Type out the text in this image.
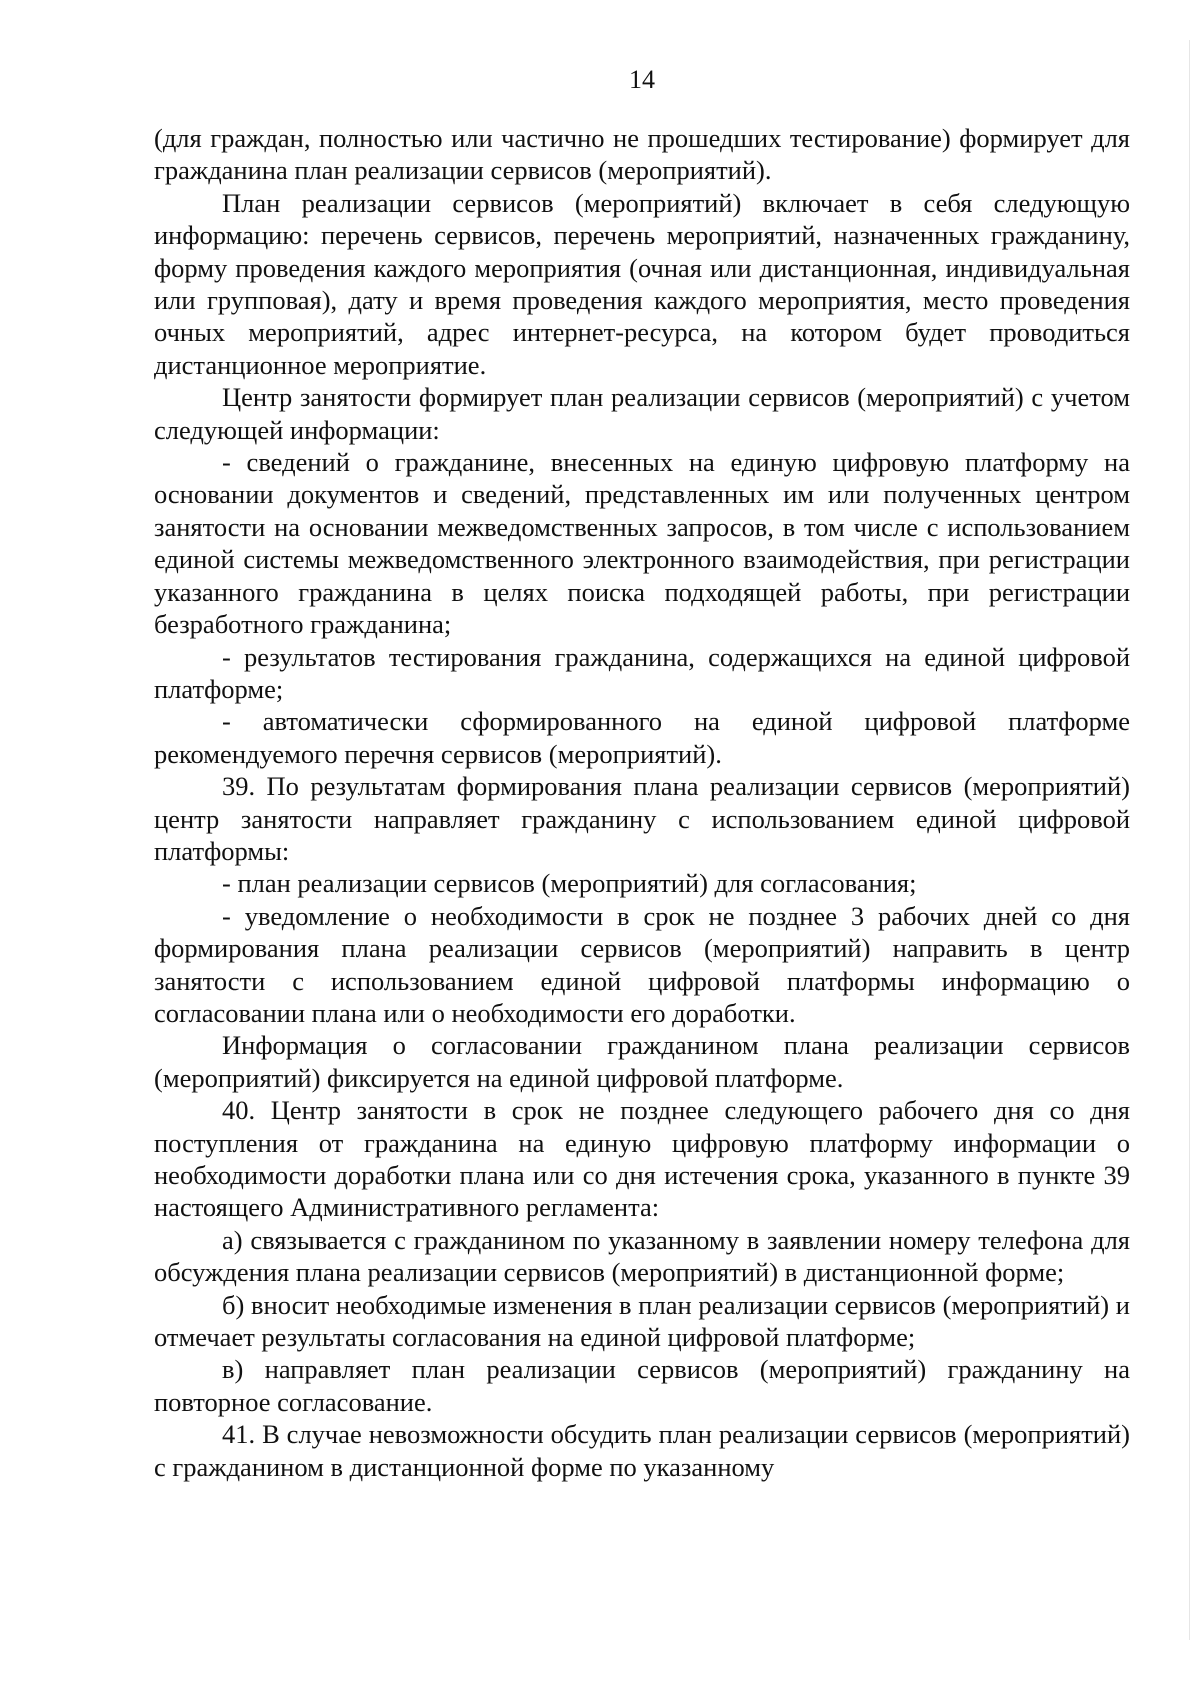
14

(для граждан, полностью или частично не прошедших тестирование) формирует для гражданина план реализации сервисов (мероприятий).

План реализации сервисов (мероприятий) включает в себя следующую информацию: перечень сервисов, перечень мероприятий, назначенных гражданину, форму проведения каждого мероприятия (очная или дистанционная, индивидуальная или групповая), дату и время проведения каждого мероприятия, место проведения очных мероприятий, адрес интернет-ресурса, на котором будет проводиться дистанционное мероприятие.

Центр занятости формирует план реализации сервисов (мероприятий) с учетом следующей информации:

- сведений о гражданине, внесенных на единую цифровую платформу на основании документов и сведений, представленных им или полученных центром занятости на основании межведомственных запросов, в том числе с использованием единой системы межведомственного электронного взаимодействия, при регистрации указанного гражданина в целях поиска подходящей работы, при регистрации безработного гражданина;

- результатов тестирования гражданина, содержащихся на единой цифровой платформе;

- автоматически сформированного на единой цифровой платформе рекомендуемого перечня сервисов (мероприятий).

39. По результатам формирования плана реализации сервисов (мероприятий) центр занятости направляет гражданину с использованием единой цифровой платформы:

- план реализации сервисов (мероприятий) для согласования;

- уведомление о необходимости в срок не позднее 3 рабочих дней со дня формирования плана реализации сервисов (мероприятий) направить в центр занятости с использованием единой цифровой платформы информацию о согласовании плана или о необходимости его доработки.

Информация о согласовании гражданином плана реализации сервисов (мероприятий) фиксируется на единой цифровой платформе.

40. Центр занятости в срок не позднее следующего рабочего дня со дня поступления от гражданина на единую цифровую платформу информации о необходимости доработки плана или со дня истечения срока, указанного в пункте 39 настоящего Административного регламента:

а) связывается с гражданином по указанному в заявлении номеру телефона для обсуждения плана реализации сервисов (мероприятий) в дистанционной форме;

б) вносит необходимые изменения в план реализации сервисов (мероприятий) и отмечает результаты согласования на единой цифровой платформе;

в) направляет план реализации сервисов (мероприятий) гражданину на повторное согласование.

41. В случае невозможности обсудить план реализации сервисов (мероприятий) с гражданином в дистанционной форме по указанному
